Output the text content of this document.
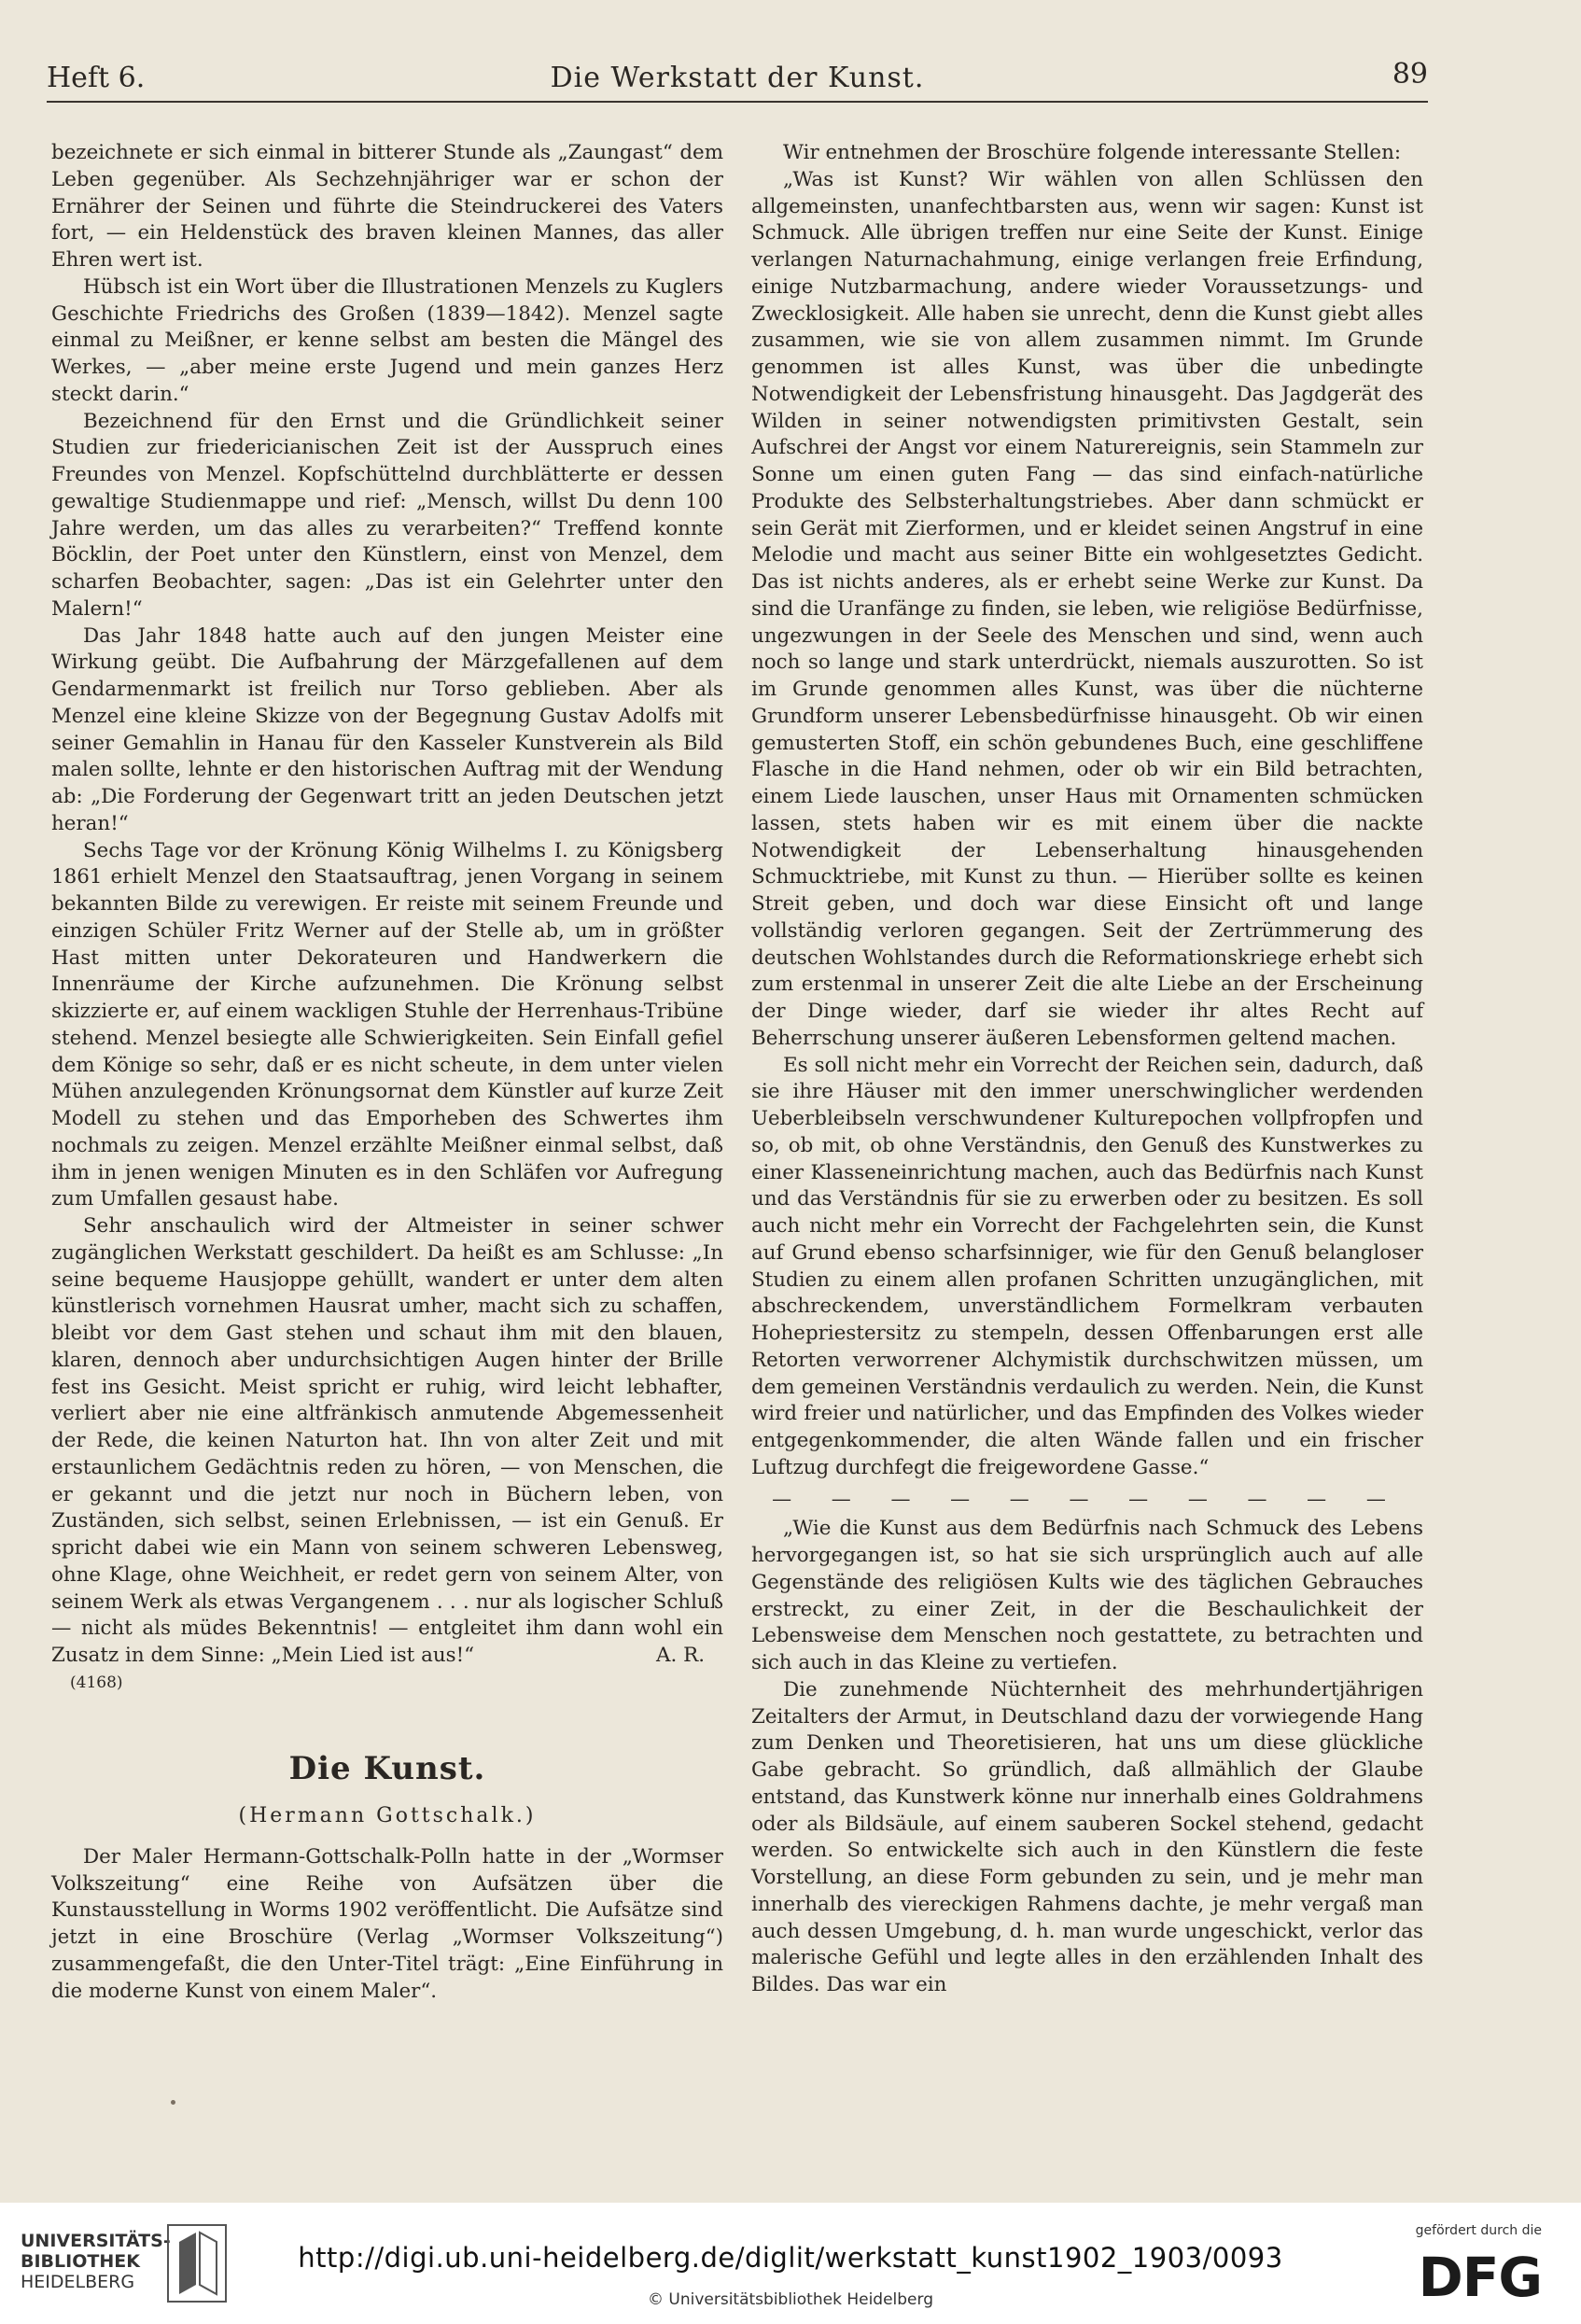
Heft 6.	Die Werkstatt der Kunst.	89

bezeichnete er sich einmal in bitterer Stunde als „Zaungast“ dem Leben gegenüber. Als Sechzehnjähriger war er schon der Ernährer der Seinen und führte die Steindruckerei des Vaters fort, — ein Heldenstück des braven kleinen Mannes, das aller Ehren wert ist.

Hübsch ist ein Wort über die Illustrationen Menzels zu Kuglers Geschichte Friedrichs des Großen (1839—1842). Menzel sagte einmal zu Meißner, er kenne selbst am besten die Mängel des Werkes, — „aber meine erste Jugend und mein ganzes Herz steckt darin.“

Bezeichnend für den Ernst und die Gründlichkeit seiner Studien zur friedericianischen Zeit ist der Ausspruch eines Freundes von Menzel. Kopfschüttelnd durchblätterte er dessen gewaltige Studienmappe und rief: „Mensch, willst Du denn 100 Jahre werden, um das alles zu verarbeiten?“ Treffend konnte Böcklin, der Poet unter den Künstlern, einst von Menzel, dem scharfen Beobachter, sagen: „Das ist ein Gelehrter unter den Malern!“

Das Jahr 1848 hatte auch auf den jungen Meister eine Wirkung geübt. Die Aufbahrung der Märzgefallenen auf dem Gendarmenmarkt ist freilich nur Torso geblieben. Aber als Menzel eine kleine Skizze von der Begegnung Gustav Adolfs mit seiner Gemahlin in Hanau für den Kasseler Kunstverein als Bild malen sollte, lehnte er den historischen Auftrag mit der Wendung ab: „Die Forderung der Gegenwart tritt an jeden Deutschen jetzt heran!“

Sechs Tage vor der Krönung König Wilhelms I. zu Königsberg 1861 erhielt Menzel den Staatsauftrag, jenen Vorgang in seinem bekannten Bilde zu verewigen. Er reiste mit seinem Freunde und einzigen Schüler Fritz Werner auf der Stelle ab, um in größter Hast mitten unter Dekorateuren und Handwerkern die Innenräume der Kirche aufzunehmen. Die Krönung selbst skizzierte er, auf einem wackligen Stuhle der Herrenhaus-Tribüne stehend. Menzel besiegte alle Schwierigkeiten. Sein Einfall gefiel dem Könige so sehr, daß er es nicht scheute, in dem unter vielen Mühen anzulegenden Krönungsornat dem Künstler auf kurze Zeit Modell zu stehen und das Emporheben des Schwertes ihm nochmals zu zeigen. Menzel erzählte Meißner einmal selbst, daß ihm in jenen wenigen Minuten es in den Schläfen vor Aufregung zum Umfallen gesaust habe.

Sehr anschaulich wird der Altmeister in seiner schwer zugänglichen Werkstatt geschildert. Da heißt es am Schlusse: „In seine bequeme Hausjoppe gehüllt, wandert er unter dem alten künstlerisch vornehmen Hausrat umher, macht sich zu schaffen, bleibt vor dem Gast stehen und schaut ihm mit den blauen, klaren, dennoch aber undurchsichtigen Augen hinter der Brille fest ins Gesicht. Meist spricht er ruhig, wird leicht lebhafter, verliert aber nie eine altfränkisch anmutende Abgemessenheit der Rede, die keinen Naturton hat. Ihn von alter Zeit und mit erstaunlichem Gedächtnis reden zu hören, — von Menschen, die er gekannt und die jetzt nur noch in Büchern leben, von Zuständen, sich selbst, seinen Erlebnissen, — ist ein Genuß. Er spricht dabei wie ein Mann von seinem schweren Lebensweg, ohne Klage, ohne Weichheit, er redet gern von seinem Alter, von seinem Werk als etwas Vergangenem . . . nur als logischer Schluß — nicht als müdes Bekenntnis! — entgleitet ihm dann wohl ein Zusatz in dem Sinne: „Mein Lied ist aus!“	A. R.
(4168)
Die Kunst.
(Hermann Gottschalk.)

Der Maler Hermann-Gottschalk-Polln hatte in der „Wormser Volkszeitung“ eine Reihe von Aufsätzen über die Kunstausstellung in Worms 1902 veröffentlicht. Die Aufsätze sind jetzt in eine Broschüre (Verlag „Wormser Volkszeitung“) zusammengefaßt, die den Unter-Titel trägt: „Eine Einführung in die moderne Kunst von einem Maler“.

Wir entnehmen der Broschüre folgende interessante Stellen:

„Was ist Kunst? Wir wählen von allen Schlüssen den allgemeinsten, unanfechtbarsten aus, wenn wir sagen: Kunst ist Schmuck. Alle übrigen treffen nur eine Seite der Kunst. Einige verlangen Naturnachahmung, einige verlangen freie Erfindung, einige Nutzbarmachung, andere wieder Voraussetzungs- und Zwecklosigkeit. Alle haben sie unrecht, denn die Kunst giebt alles zusammen, wie sie von allem zusammen nimmt. Im Grunde genommen ist alles Kunst, was über die unbedingte Notwendigkeit der Lebensfristung hinausgeht. Das Jagdgerät des Wilden in seiner notwendigsten primitivsten Gestalt, sein Aufschrei der Angst vor einem Naturereignis, sein Stammeln zur Sonne um einen guten Fang — das sind einfach-natürliche Produkte des Selbsterhaltungstriebes. Aber dann schmückt er sein Gerät mit Zierformen, und er kleidet seinen Angstruf in eine Melodie und macht aus seiner Bitte ein wohlgesetztes Gedicht. Das ist nichts anderes, als er erhebt seine Werke zur Kunst. Da sind die Uranfänge zu finden, sie leben, wie religiöse Bedürfnisse, ungezwungen in der Seele des Menschen und sind, wenn auch noch so lange und stark unterdrückt, niemals auszurotten. So ist im Grunde genommen alles Kunst, was über die nüchterne Grundform unserer Lebensbedürfnisse hinausgeht. Ob wir einen gemusterten Stoff, ein schön gebundenes Buch, eine geschliffene Flasche in die Hand nehmen, oder ob wir ein Bild betrachten, einem Liede lauschen, unser Haus mit Ornamenten schmücken lassen, stets haben wir es mit einem über die nackte Notwendigkeit der Lebenserhaltung hinausgehenden Schmucktriebe, mit Kunst zu thun. — Hierüber sollte es keinen Streit geben, und doch war diese Einsicht oft und lange vollständig verloren gegangen. Seit der Zertrümmerung des deutschen Wohlstandes durch die Reformationskriege erhebt sich zum erstenmal in unserer Zeit die alte Liebe an der Erscheinung der Dinge wieder, darf sie wieder ihr altes Recht auf Beherrschung unserer äußeren Lebensformen geltend machen.

Es soll nicht mehr ein Vorrecht der Reichen sein, dadurch, daß sie ihre Häuser mit den immer unerschwinglicher werdenden Ueberbleibseln verschwundener Kulturepochen vollpfropfen und so, ob mit, ob ohne Verständnis, den Genuß des Kunstwerkes zu einer Klasseneinrichtung machen, auch das Bedürfnis nach Kunst und das Verständnis für sie zu erwerben oder zu besitzen. Es soll auch nicht mehr ein Vorrecht der Fachgelehrten sein, die Kunst auf Grund ebenso scharfsinniger, wie für den Genuß belangloser Studien zu einem allen profanen Schritten unzugänglichen, mit abschreckendem, unverständlichem Formelkram verbauten Hohepriestersitz zu stempeln, dessen Offenbarungen erst alle Retorten verworrener Alchymistik durchschwitzen müssen, um dem gemeinen Verständnis verdaulich zu werden. Nein, die Kunst wird freier und natürlicher, und das Empfinden des Volkes wieder entgegenkommender, die alten Wände fallen und ein frischer Luftzug durchfegt die freigewordene Gasse.“

— — — — — — — — — — —

„Wie die Kunst aus dem Bedürfnis nach Schmuck des Lebens hervorgegangen ist, so hat sie sich ursprünglich auch auf alle Gegenstände des religiösen Kults wie des täglichen Gebrauches erstreckt, zu einer Zeit, in der die Beschaulichkeit der Lebensweise dem Menschen noch gestattete, zu betrachten und sich auch in das Kleine zu vertiefen.

Die zunehmende Nüchternheit des mehrhundertjährigen Zeitalters der Armut, in Deutschland dazu der vorwiegende Hang zum Denken und Theoretisieren, hat uns um diese glückliche Gabe gebracht. So gründlich, daß allmählich der Glaube entstand, das Kunstwerk könne nur innerhalb eines Goldrahmens oder als Bildsäule, auf einem sauberen Sockel stehend, gedacht werden. So entwickelte sich auch in den Künstlern die feste Vorstellung, an diese Form gebunden zu sein, und je mehr man innerhalb des viereckigen Rahmens dachte, je mehr vergaß man auch dessen Umgebung, d. h. man wurde ungeschickt, verlor das malerische Gefühl und legte alles in den erzählenden Inhalt des Bildes. Das war ein

UNIVERSITÄTS-
BIBLIOTHEK
HEIDELBERG
http://digi.ub.uni-heidelberg.de/diglit/werkstatt_kunst1902_1903/0093
© Universitätsbibliothek Heidelberg
gefördert durch die
DFG
